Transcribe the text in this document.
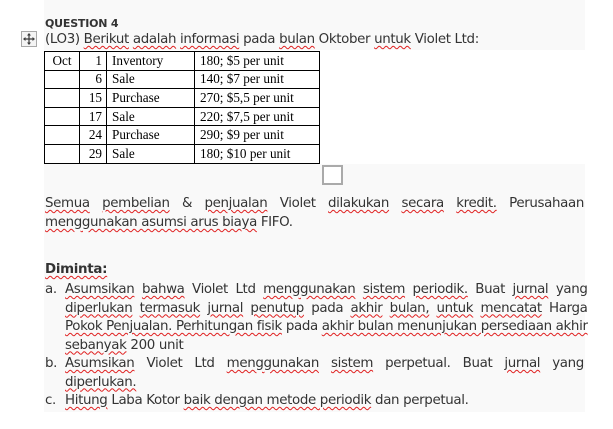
QUESTION 4
(LO3) Berikut adalah informasi pada bulan Oktober untuk Violet Ltd:
Oct	1	Inventory	180; $5 per unit
	6	Sale	140; $7 per unit
	15	Purchase	270; $5,5 per unit
	17	Sale	220; $7,5 per unit
	24	Purchase	290; $9 per unit
	29	Sale	180; $10 per unit
Semua pembelian & penjualan Violet dilakukan secara kredit. Perusahaan
menggunakan asumsi arus biaya FIFO.
Diminta:
a. Asumsikan bahwa Violet Ltd menggunakan sistem periodik. Buat jurnal yang
diperlukan termasuk jurnal penutup pada akhir bulan, untuk mencatat Harga
Pokok Penjualan. Perhitungan fisik pada akhir bulan menunjukan persediaan akhir
sebanyak 200 unit
b. Asumsikan Violet Ltd menggunakan sistem perpetual. Buat jurnal yang
diperlukan.
c. Hitung Laba Kotor baik dengan metode periodik dan perpetual.
